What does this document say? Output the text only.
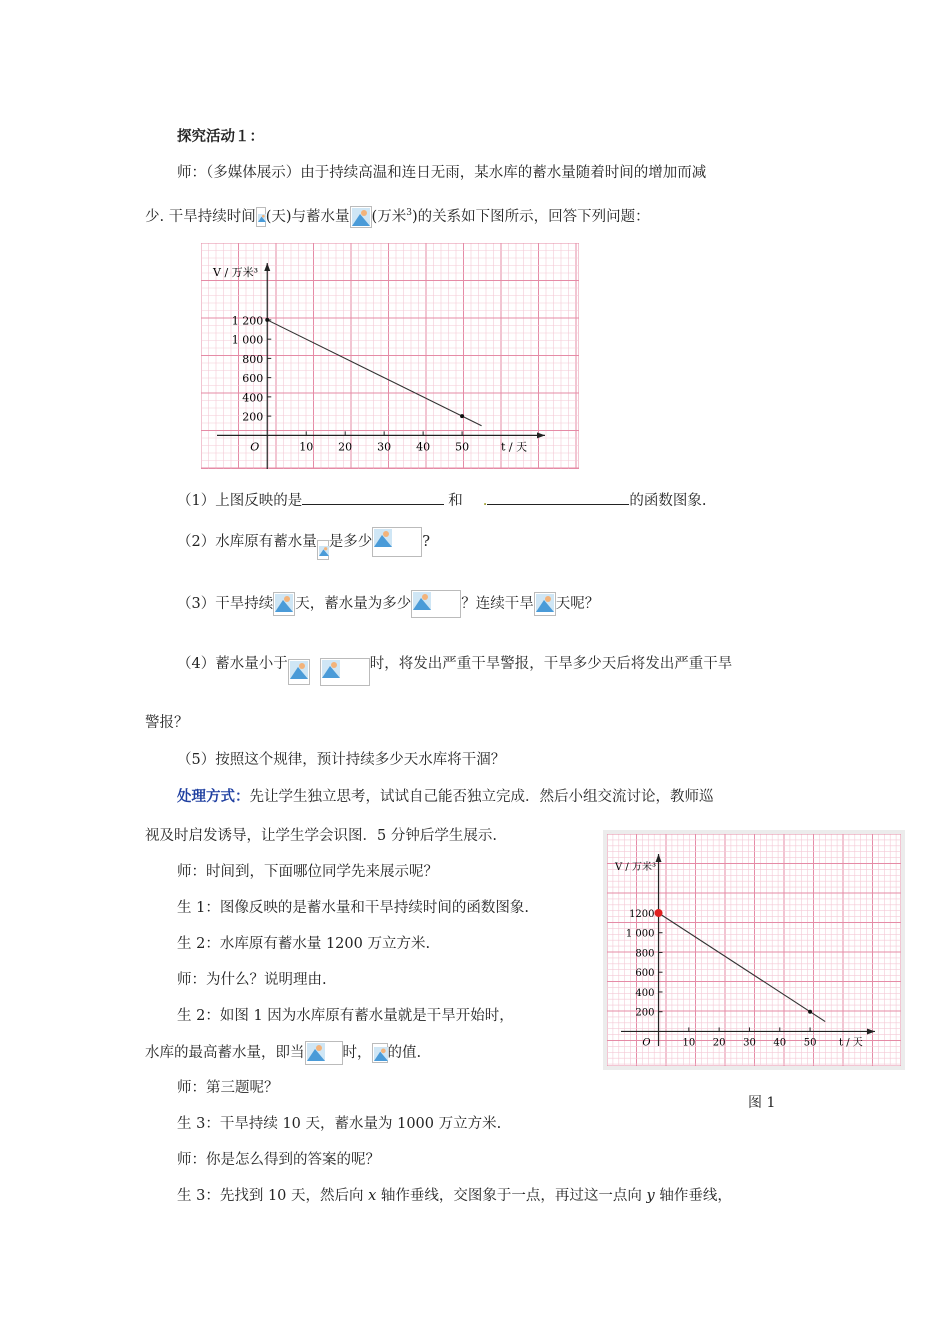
探究活动１：
师：（多媒体展示）由于持续高温和连日无雨，某水库的蓄水量随着时间的增加而减
少. 干旱持续时间 (天)与蓄水量 (万米$^3$)的关系如下图所示，回答下列问题：
10 20 30 40 50
200
400
600
800
1 000
1 200
O
V / 万米³
t / 天
（1）上图反映的是	和 .	的函数图象.
（2）水库原有蓄水量 是多少	?
（3）干旱持续 天，蓄水量为多少	？连续干旱 天呢？
（4）蓄水量小于	时，将发出严重干旱警报，干旱多少天后将发出严重干旱
警报？
（5）按照这个规律，预计持续多少天水库将干涸？
处理方式：先让学生独立思考，试试自己能否独立完成．然后小组交流讨论，教师巡
视及时启发诱导，让学生学会识图．5 分钟后学生展示.
师：时间到，下面哪位同学先来展示呢？
生 1：图像反映的是蓄水量和干旱持续时间的函数图象.
生 2：水库原有蓄水量 1200 万立方米.
师：为什么？说明理由.
生 2：如图 1 因为水库原有蓄水量就是干旱开始时，
水库的最高蓄水量，即当	时， 的值.
师：第三题呢？
生 3：干旱持续 10 天，蓄水量为 1000 万立方米.
师：你是怎么得到的答案的呢？
生 3：先找到 10 天，然后向 x 轴作垂线，交图象于一点，再过这一点向 y 轴作垂线，
10 20 30 40 50
200
400
600
800
1 000
1200
O
V / 万米³
t / 天
图 1
